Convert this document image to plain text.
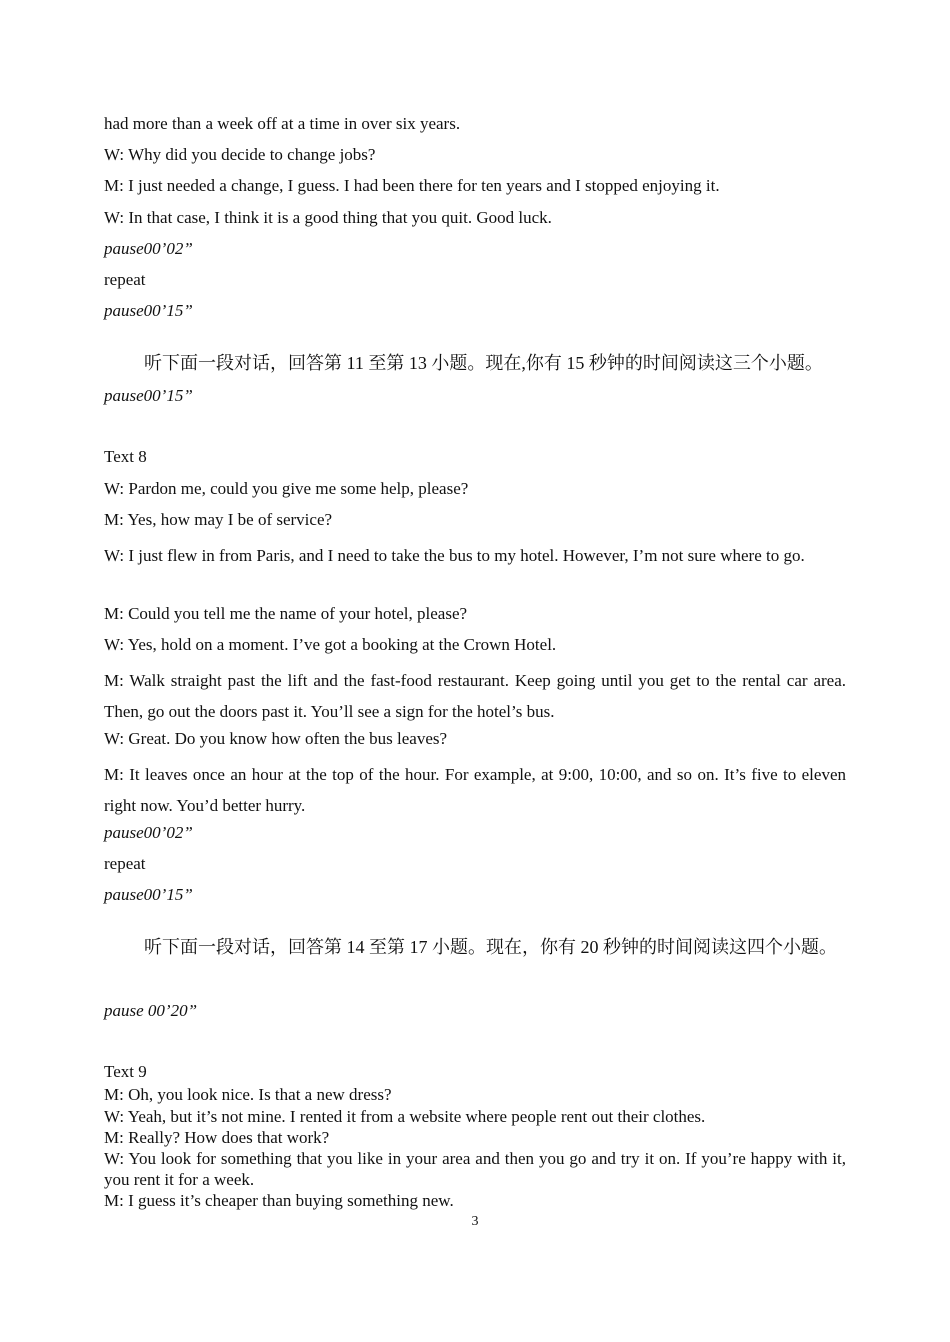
had more than a week off at a time in over six years.
W: Why did you decide to change jobs?
M: I just needed a change, I guess. I had been there for ten years and I stopped enjoying it.
W: In that case, I think it is a good thing that you quit. Good luck.
pause00’02”
repeat
pause00’15”
听下面一段对话，回答第 11 至第 13 小题。现在,你有 15 秒钟的时间阅读这三个小题。
pause00’15”
Text 8
W: Pardon me, could you give me some help, please?
M: Yes, how may I be of service?
W: I just flew in from Paris, and I need to take the bus to my hotel. However, I’m not sure where to go.
M: Could you tell me the name of your hotel, please?
W: Yes, hold on a moment. I’ve got a booking at the Crown Hotel.
M: Walk straight past the lift and the fast-food restaurant. Keep going until you get to the rental car area. Then, go out the doors past it. You’ll see a sign for the hotel’s bus.
W: Great. Do you know how often the bus leaves?
M: It leaves once an hour at the top of the hour. For example, at 9:00, 10:00, and so on. It’s five to eleven right now. You’d better hurry.
pause00’02”
repeat
pause00’15”
听下面一段对话，回答第 14 至第 17 小题。现在，你有 20 秒钟的时间阅读这四个小题。
pause 00’20”
Text 9
M: Oh, you look nice. Is that a new dress?
W: Yeah, but it’s not mine. I rented it from a website where people rent out their clothes.
M: Really? How does that work?
W: You look for something that you like in your area and then you go and try it on. If you’re happy with it, you rent it for a week.
M: I guess it’s cheaper than buying something new.
3
